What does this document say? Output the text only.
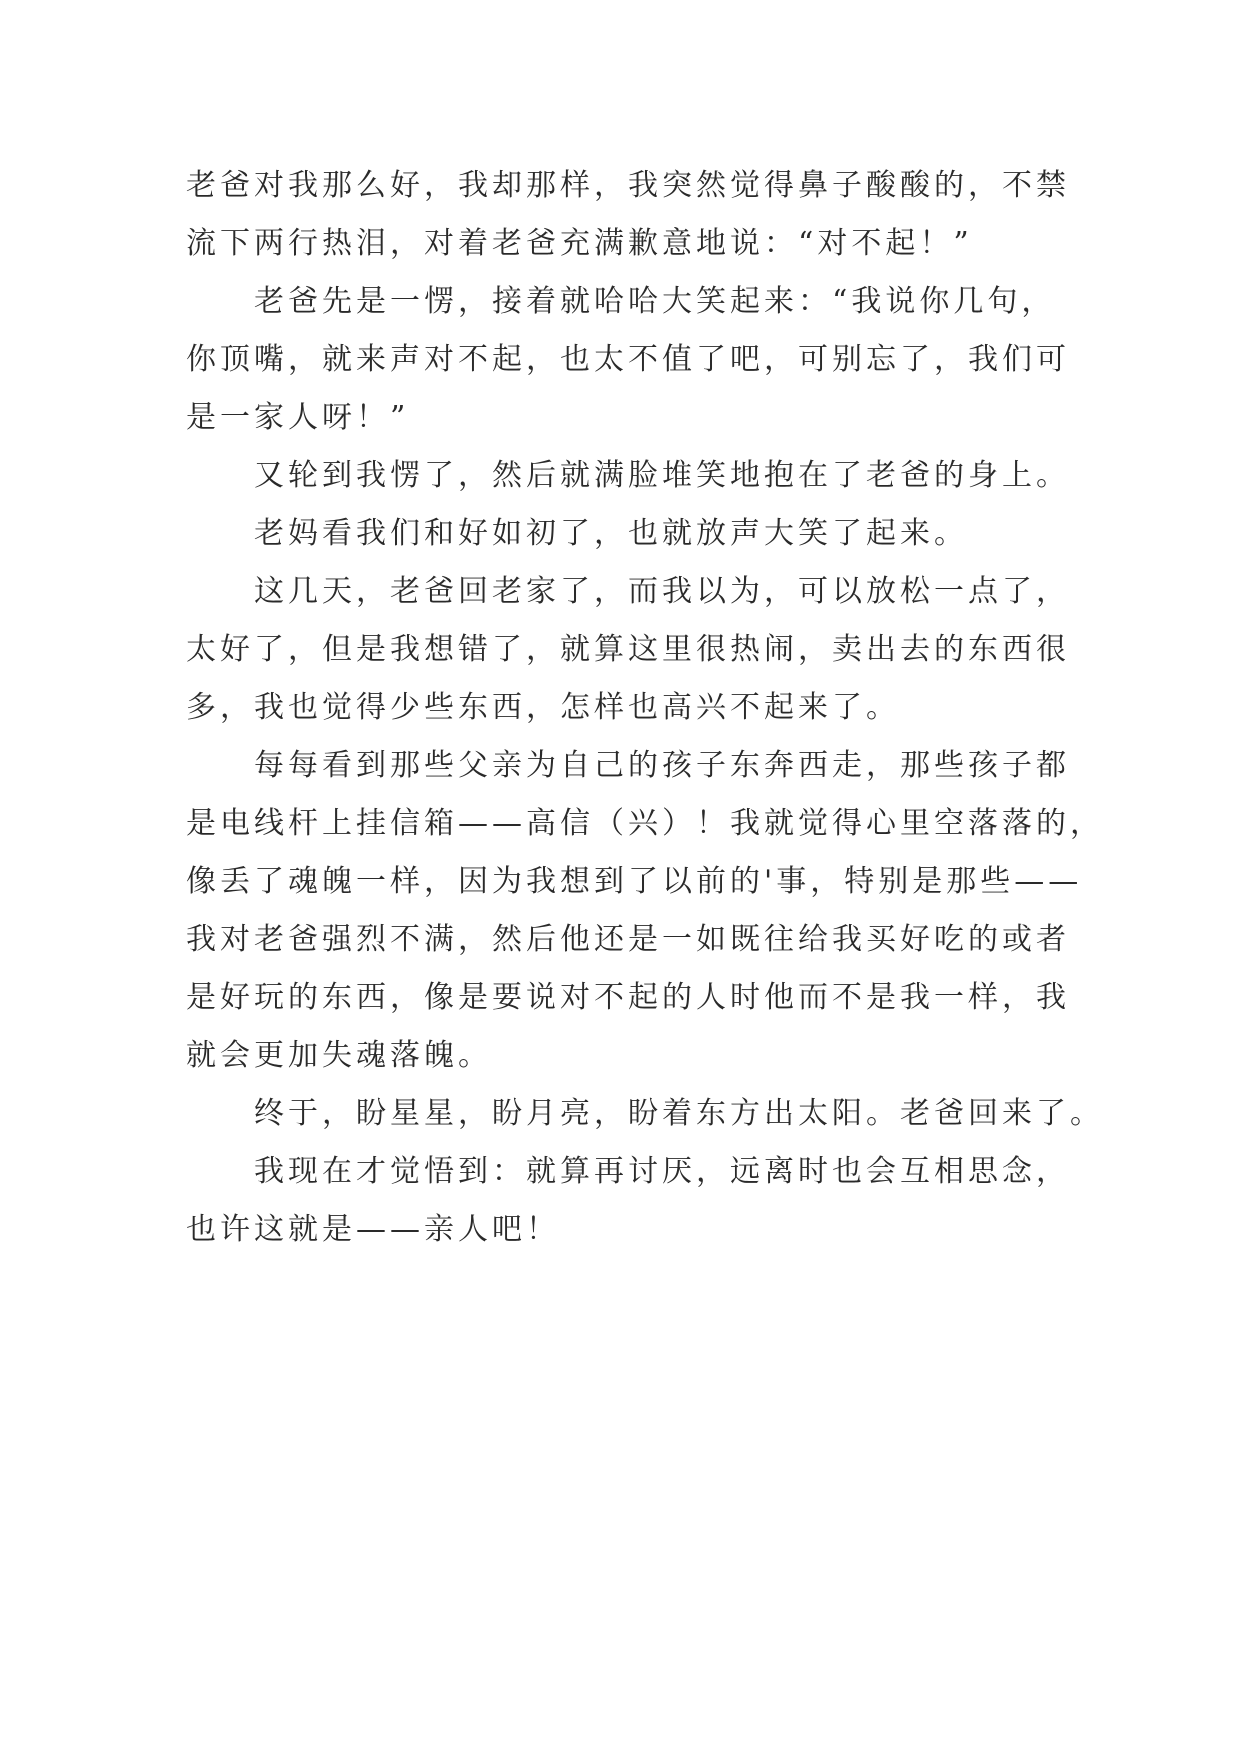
老爸对我那么好，我却那样，我突然觉得鼻子酸酸的，不禁
流下两行热泪，对着老爸充满歉意地说：“对不起！”
老爸先是一愣，接着就哈哈大笑起来：“我说你几句，
你顶嘴，就来声对不起，也太不值了吧，可别忘了，我们可
是一家人呀！”
又轮到我愣了，然后就满脸堆笑地抱在了老爸的身上。
老妈看我们和好如初了，也就放声大笑了起来。
这几天，老爸回老家了，而我以为，可以放松一点了，
太好了，但是我想错了，就算这里很热闹，卖出去的东西很
多，我也觉得少些东西，怎样也高兴不起来了。
每每看到那些父亲为自己的孩子东奔西走，那些孩子都
是电线杆上挂信箱——高信（兴）！我就觉得心里空落落的，
像丢了魂魄一样，因为我想到了以前的'事，特别是那些——
我对老爸强烈不满，然后他还是一如既往给我买好吃的或者
是好玩的东西，像是要说对不起的人时他而不是我一样，我
就会更加失魂落魄。
终于，盼星星，盼月亮，盼着东方出太阳。老爸回来了。
我现在才觉悟到：就算再讨厌，远离时也会互相思念，
也许这就是——亲人吧！
